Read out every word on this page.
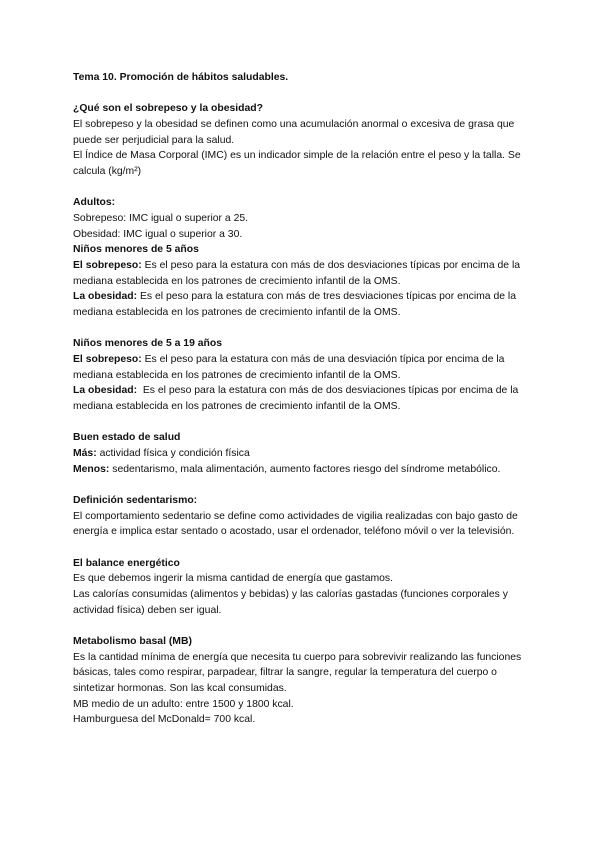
Tema 10. Promoción de hábitos saludables.

¿Qué son el sobrepeso y la obesidad?

El sobrepeso y la obesidad se definen como una acumulación anormal o excesiva de grasa que puede ser perjudicial para la salud.

El Índice de Masa Corporal (IMC) es un indicador simple de la relación entre el peso y la talla. Se calcula (kg/m²)

Adultos:

Sobrepeso: IMC igual o superior a 25.

Obesidad: IMC igual o superior a 30.

Niños menores de 5 años

El sobrepeso: Es el peso para la estatura con más de dos desviaciones típicas por encima de la mediana establecida en los patrones de crecimiento infantil de la OMS.

La obesidad: Es el peso para la estatura con más de tres desviaciones típicas por encima de la mediana establecida en los patrones de crecimiento infantil de la OMS.

Niños menores de 5 a 19 años

El sobrepeso: Es el peso para la estatura con más de una desviación típica por encima de la mediana establecida en los patrones de crecimiento infantil de la OMS.

La obesidad:  Es el peso para la estatura con más de dos desviaciones típicas por encima de la mediana establecida en los patrones de crecimiento infantil de la OMS.

Buen estado de salud

Más: actividad física y condición física

Menos: sedentarismo, mala alimentación, aumento factores riesgo del síndrome metabólico.

Definición sedentarismo:

El comportamiento sedentario se define como actividades de vigilia realizadas con bajo gasto de energía e implica estar sentado o acostado, usar el ordenador, teléfono móvil o ver la televisión.

El balance energético

Es que debemos ingerir la misma cantidad de energía que gastamos.

Las calorías consumidas (alimentos y bebidas) y las calorías gastadas (funciones corporales y actividad física) deben ser igual.

Metabolismo basal (MB)

Es la cantidad mínima de energía que necesita tu cuerpo para sobrevivir realizando las funciones básicas, tales como respirar, parpadear, filtrar la sangre, regular la temperatura del cuerpo o sintetizar hormonas. Son las kcal consumidas.

MB medio de un adulto: entre 1500 y 1800 kcal.

Hamburguesa del McDonald= 700 kcal.
